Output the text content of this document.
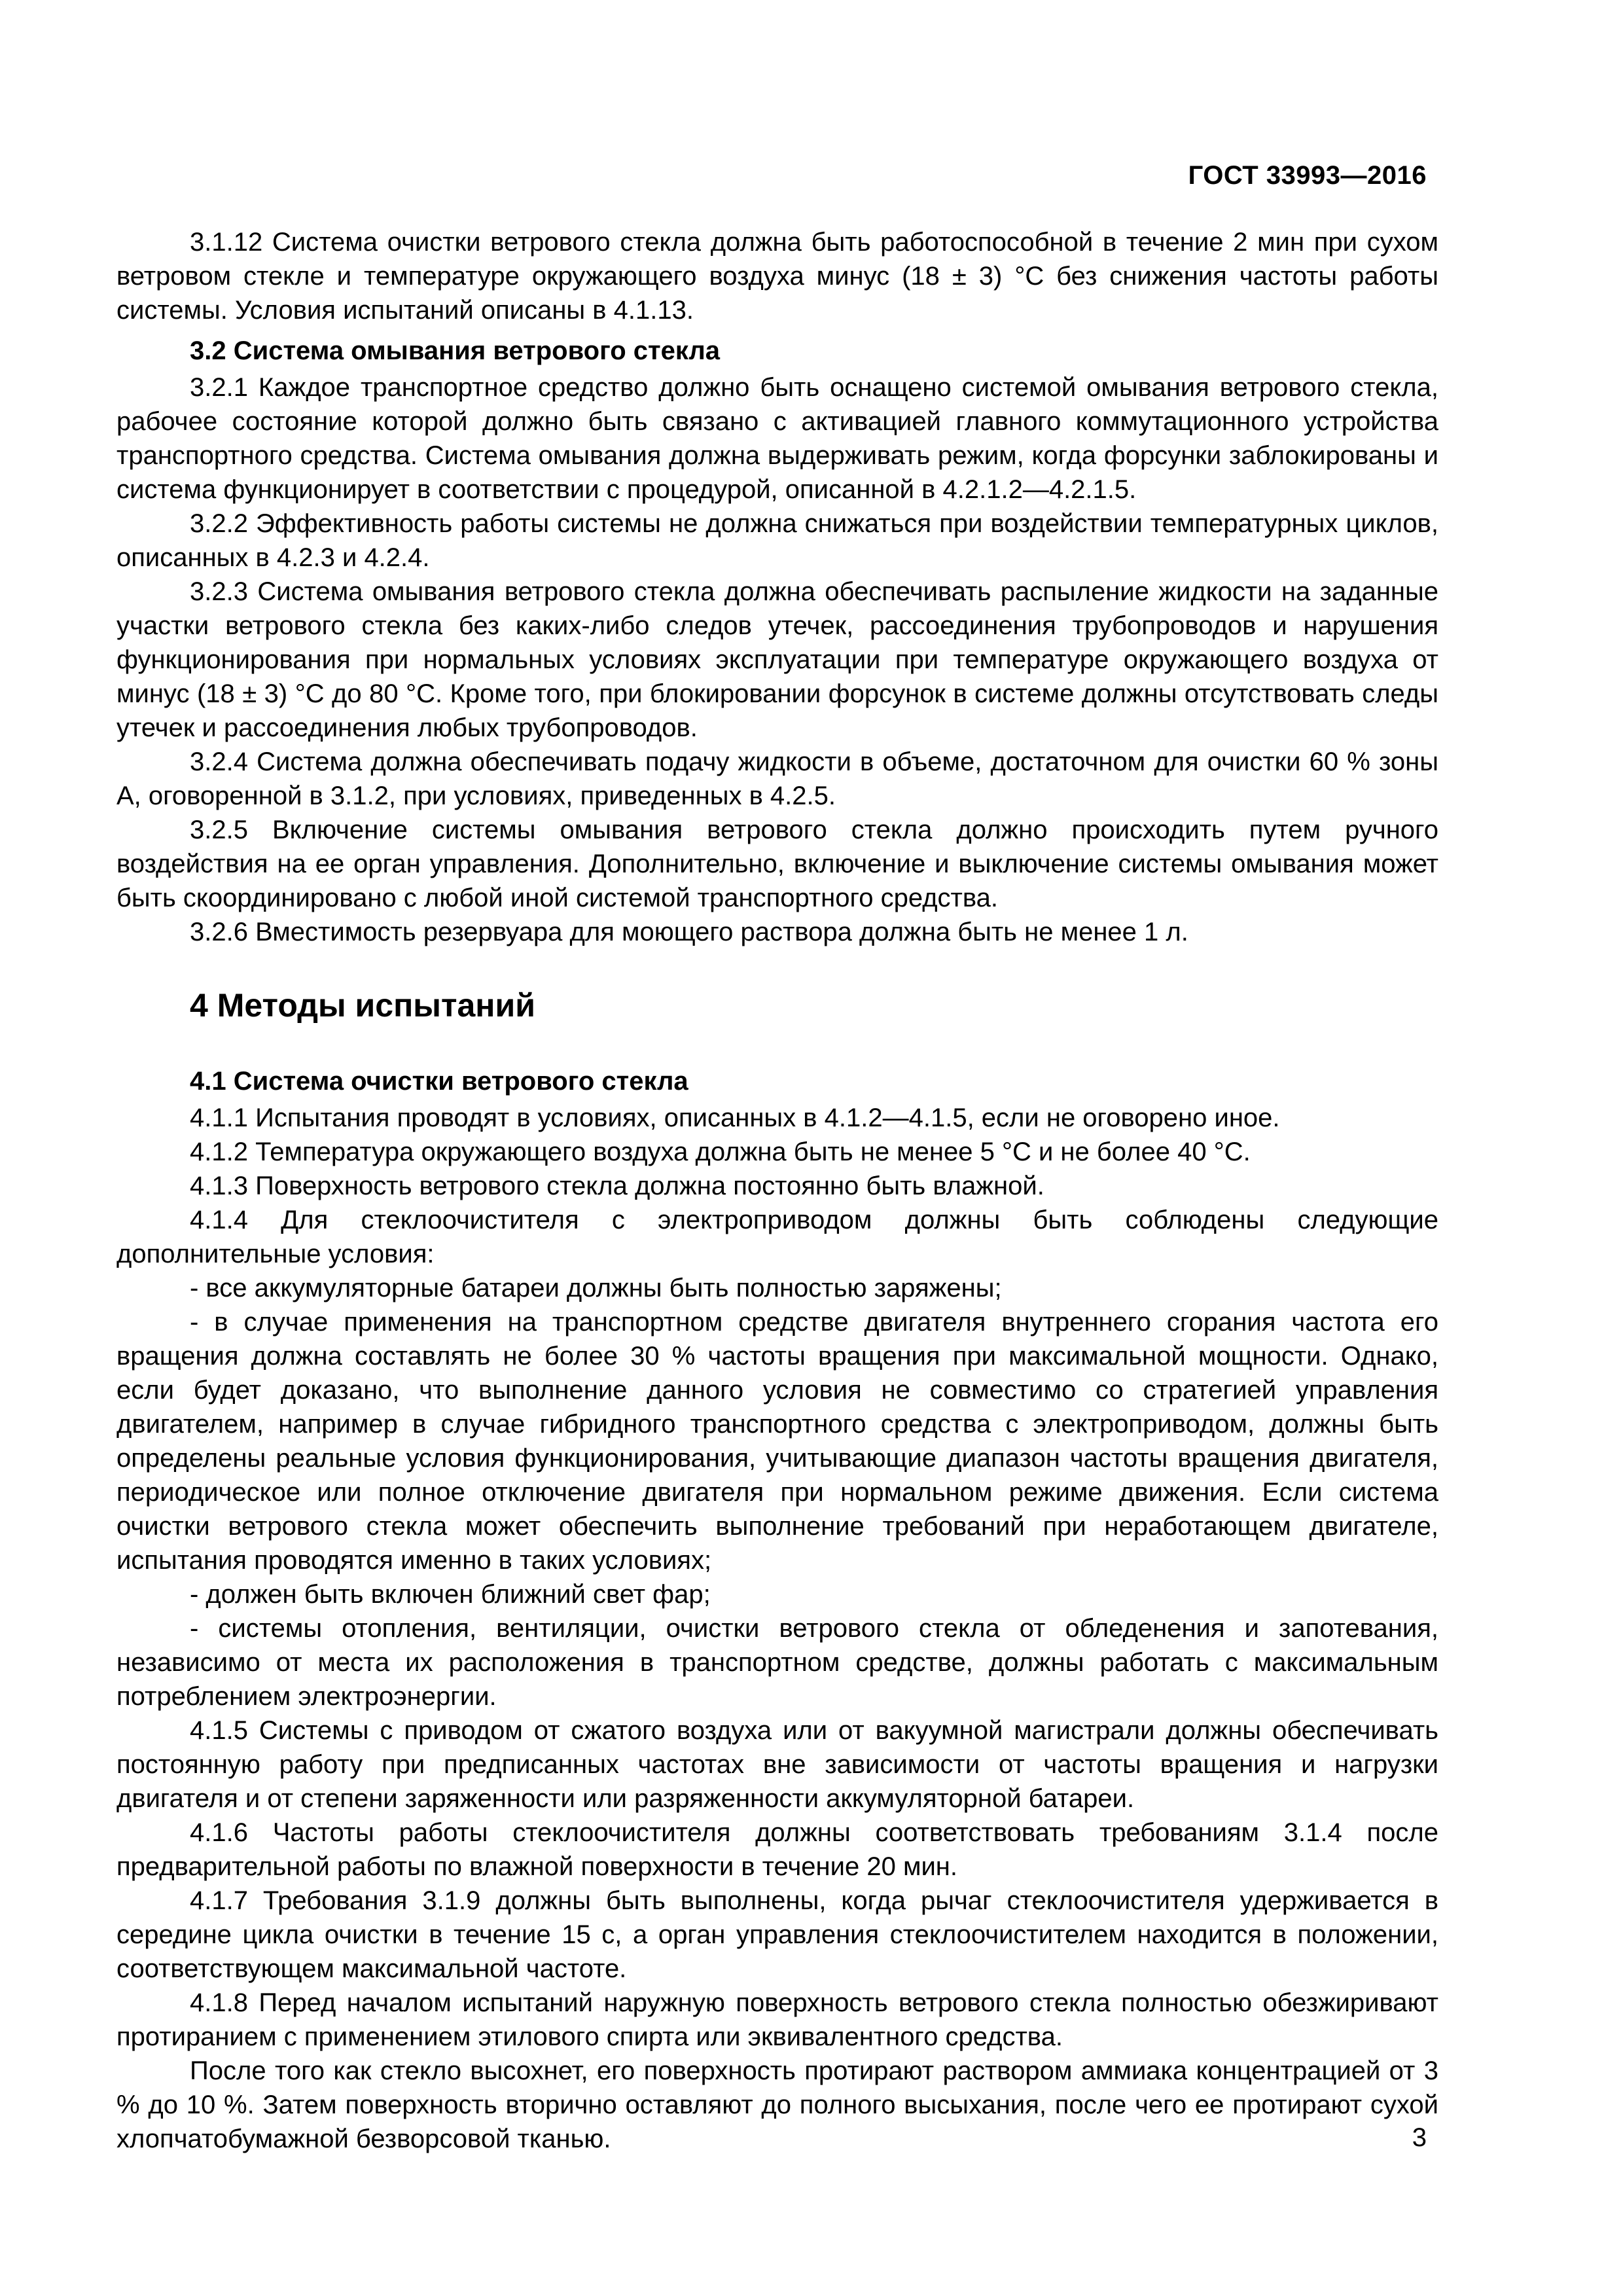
ГОСТ 33993—2016

3.1.12 Система очистки ветрового стекла должна быть работоспособной в течение 2 мин при сухом ветровом стекле и температуре окружающего воздуха минус (18 ± 3) °С без снижения частоты работы системы. Условия испытаний описаны в 4.1.13.

3.2 Система омывания ветрового стекла

3.2.1 Каждое транспортное средство должно быть оснащено системой омывания ветрового стекла, рабочее состояние которой должно быть связано с активацией главного коммутационного устройства транспортного средства. Система омывания должна выдерживать режим, когда форсунки заблокированы и система функционирует в соответствии с процедурой, описанной в 4.2.1.2—4.2.1.5.

3.2.2 Эффективность работы системы не должна снижаться при воздействии температурных циклов, описанных в 4.2.3 и 4.2.4.

3.2.3 Система омывания ветрового стекла должна обеспечивать распыление жидкости на заданные участки ветрового стекла без каких-либо следов утечек, рассоединения трубопроводов и нарушения функционирования при нормальных условиях эксплуатации при температуре окружающего воздуха от минус (18 ± 3) °С до 80 °С. Кроме того, при блокировании форсунок в системе должны отсутствовать следы утечек и рассоединения любых трубопроводов.

3.2.4 Система должна обеспечивать подачу жидкости в объеме, достаточном для очистки 60 % зоны А, оговоренной в 3.1.2, при условиях, приведенных в 4.2.5.

3.2.5 Включение системы омывания ветрового стекла должно происходить путем ручного воздействия на ее орган управления. Дополнительно, включение и выключение системы омывания может быть скоординировано с любой иной системой транспортного средства.

3.2.6 Вместимость резервуара для моющего раствора должна быть не менее 1 л.

4 Методы испытаний
4.1 Система очистки ветрового стекла

4.1.1 Испытания проводят в условиях, описанных в 4.1.2—4.1.5, если не оговорено иное.

4.1.2 Температура окружающего воздуха должна быть не менее 5 °С и не более 40 °С.

4.1.3 Поверхность ветрового стекла должна постоянно быть влажной.

4.1.4 Для стеклоочистителя с электроприводом должны быть соблюдены следующие дополнительные условия:

- все аккумуляторные батареи должны быть полностью заряжены;

- в случае применения на транспортном средстве двигателя внутреннего сгорания частота его вращения должна составлять не более 30 % частоты вращения при максимальной мощности. Однако, если будет доказано, что выполнение данного условия не совместимо со стратегией управления двигателем, например в случае гибридного транспортного средства с электроприводом, должны быть определены реальные условия функционирования, учитывающие диапазон частоты вращения двигателя, периодическое или полное отключение двигателя при нормальном режиме движения. Если система очистки ветрового стекла может обеспечить выполнение требований при неработающем двигателе, испытания проводятся именно в таких условиях;

- должен быть включен ближний свет фар;

- системы отопления, вентиляции, очистки ветрового стекла от обледенения и запотевания, независимо от места их расположения в транспортном средстве, должны работать с максимальным потреблением электроэнергии.

4.1.5 Системы с приводом от сжатого воздуха или от вакуумной магистрали должны обеспечивать постоянную работу при предписанных частотах вне зависимости от частоты вращения и нагрузки двигателя и от степени заряженности или разряженности аккумуляторной батареи.

4.1.6 Частоты работы стеклоочистителя должны соответствовать требованиям 3.1.4 после предварительной работы по влажной поверхности в течение 20 мин.

4.1.7 Требования 3.1.9 должны быть выполнены, когда рычаг стеклоочистителя удерживается в середине цикла очистки в течение 15 с, а орган управления стеклоочистителем находится в положении, соответствующем максимальной частоте.

4.1.8 Перед началом испытаний наружную поверхность ветрового стекла полностью обезжиривают протиранием с применением этилового спирта или эквивалентного средства.

После того как стекло высохнет, его поверхность протирают раствором аммиака концентрацией от 3 % до 10 %. Затем поверхность вторично оставляют до полного высыхания, после чего ее протирают сухой хлопчатобумажной безворсовой тканью.	3
